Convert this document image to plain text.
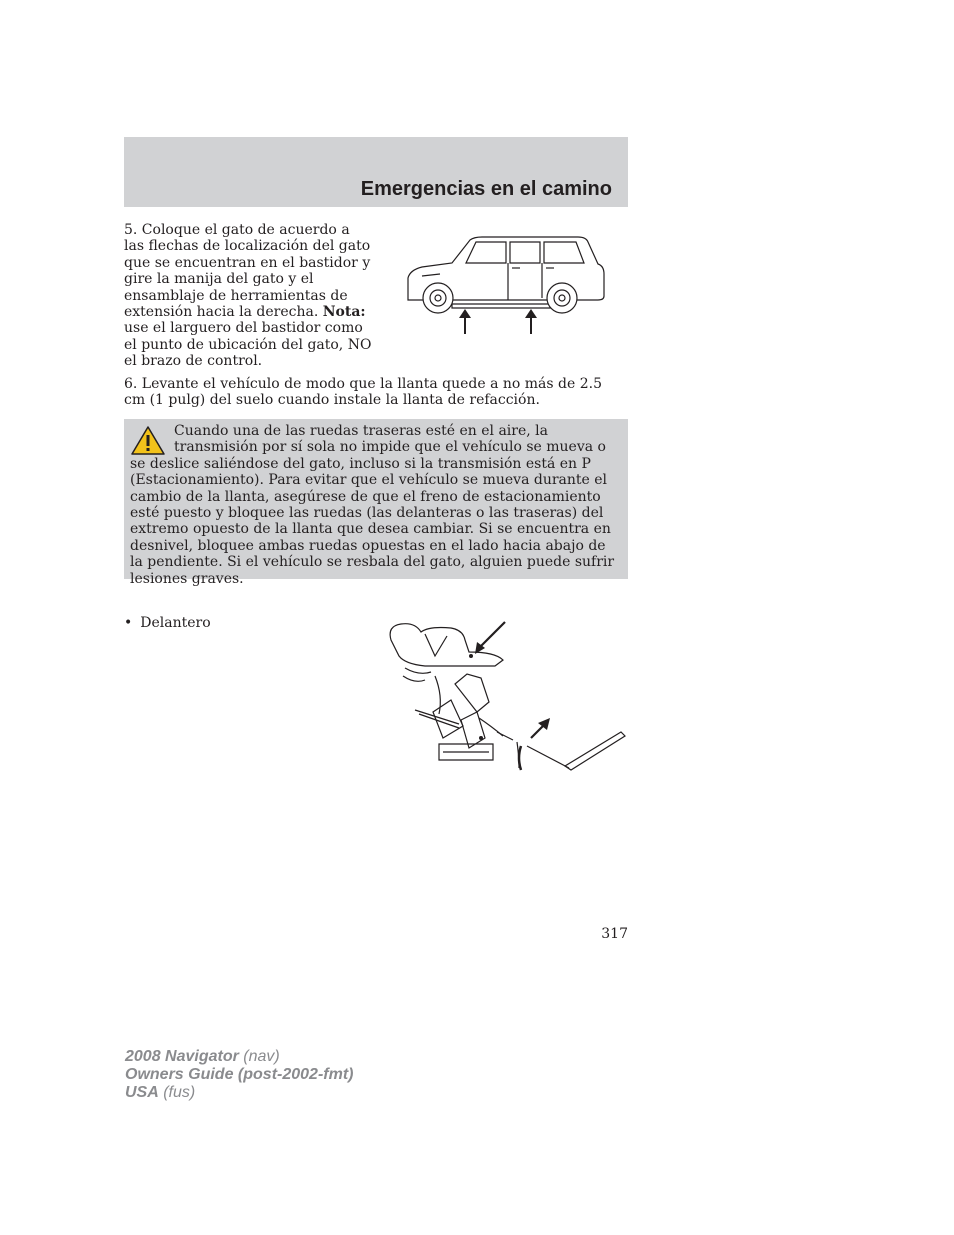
Emergencias en el camino

5. Coloque el gato de acuerdo a las flechas de localización del gato que se encuentran en el bastidor y gire la manija del gato y el ensamblaje de herramientas de extensión hacia la derecha. Nota: use el larguero del bastidor como el punto de ubicación del gato, NO el brazo de control.

6. Levante el vehículo de modo que la llanta quede a no más de 2.5 cm (1 pulg) del suelo cuando instale la llanta de refacción.

Cuando una de las ruedas traseras esté en el aire, la transmisión por sí sola no impide que el vehículo se mueva o se deslice saliéndose del gato, incluso si la transmisión está en P (Estacionamiento). Para evitar que el vehículo se mueva durante el cambio de la llanta, asegúrese de que el freno de estacionamiento esté puesto y bloquee las ruedas (las delanteras o las traseras) del extremo opuesto de la llanta que desea cambiar. Si se encuentra en desnivel, bloquee ambas ruedas opuestas en el lado hacia abajo de la pendiente. Si el vehículo se resbala del gato, alguien puede sufrir lesiones graves.

• Delantero
317
2008 Navigator (nav)
Owners Guide (post-2002-fmt)
USA (fus)
